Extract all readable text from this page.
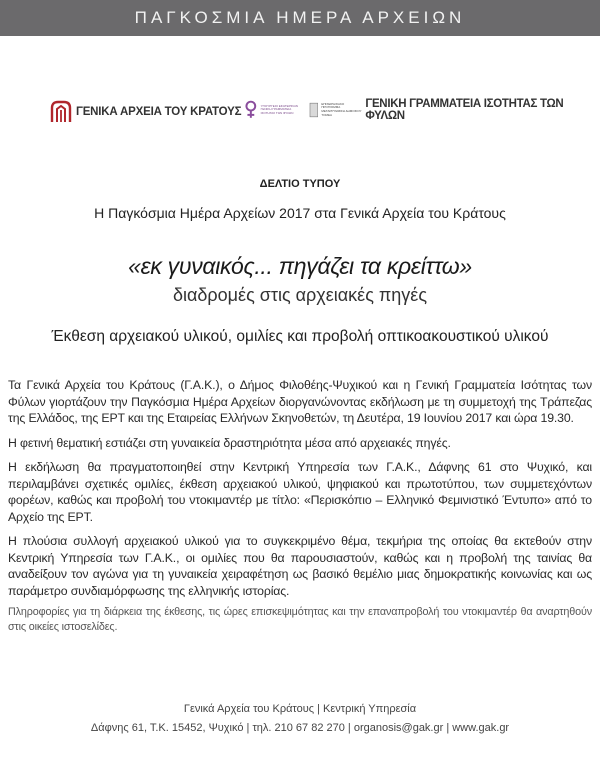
ΠΑΓΚΟΣΜΙΑ ΗΜΕΡΑ ΑΡΧΕΙΩΝ
ΓΕΝΙΚΑ ΑΡΧΕΙΑ ΤΟΥ ΚΡΑΤΟΥΣ
ΥΠΟΥΡΓΕΙΟ ΕΣΩΤΕΡΙΚΩΝ
ΓΕΝΙΚΗ ΓΡΑΜΜΑΤΕΙΑ
ΙΣΟΤΗΤΑΣ ΤΩΝ ΦΥΛΩΝ
ΕΠΙΧΕΙΡΗΣΙΑΚΟ ΠΡΟΓΡΑΜΜΑ
ΜΕΤΑΡΡΥΘΜΙΣΗ ΔΗΜΟΣΙΟΥ
ΤΟΜΕΑ
ΓΕΝΙΚΗ ΓΡΑΜΜΑΤΕΙΑ ΙΣΟΤΗΤΑΣ ΤΩΝ ΦΥΛΩΝ
ΔΕΛΤΙΟ ΤΥΠΟΥ
Η Παγκόσμια Ημέρα Αρχείων 2017 στα Γενικά Αρχεία του Κράτους
«εκ γυναικός... πηγάζει τα κρείττω»
διαδρομές στις αρχειακές πηγές
Έκθεση αρχειακού υλικού, ομιλίες και προβολή οπτικοακουστικού υλικού

Τα Γενικά Αρχεία του Κράτους (Γ.Α.Κ.), ο Δήμος Φιλοθέης-Ψυχικού και η Γενική Γραμματεία Ισότητας των Φύλων γιορτάζουν την Παγκόσμια Ημέρα Αρχείων διοργανώνοντας εκδήλωση με τη συμμετοχή της Τράπεζας της Ελλάδος, της ΕΡΤ και της Εταιρείας Ελλήνων Σκηνοθετών, τη Δευτέρα, 19 Ιουνίου 2017 και ώρα 19.30.

Η φετινή θεματική εστιάζει στη γυναικεία δραστηριότητα μέσα από αρχειακές πηγές.

Η εκδήλωση θα πραγματοποιηθεί στην Κεντρική Υπηρεσία των Γ.Α.Κ., Δάφνης 61 στο Ψυχικό, και περιλαμβάνει σχετικές ομιλίες, έκθεση αρχειακού υλικού, ψηφιακού και πρωτοτύπου, των συμμετεχόντων φορέων, καθώς και προβολή του ντοκιμαντέρ με τίτλο: «Περισκόπιο – Ελληνικό Φεμινιστικό Έντυπο» από το Αρχείο της ΕΡΤ.

Η πλούσια συλλογή αρχειακού υλικού για το συγκεκριμένο θέμα, τεκμήρια της οποίας θα εκτεθούν στην Κεντρική Υπηρεσία των Γ.Α.Κ., οι ομιλίες που θα παρουσιαστούν, καθώς και η προβολή της ταινίας θα αναδείξουν τον αγώνα για τη γυναικεία χειραφέτηση ως βασικό θεμέλιο μιας δημοκρατικής κοινωνίας και ως παράμετρο συνδιαμόρφωσης της ελληνικής ιστορίας.

Πληροφορίες για τη διάρκεια της έκθεσης, τις ώρες επισκεψιμότητας και την επαναπροβολή του ντοκιμαντέρ θα αναρτηθούν στις οικείες ιστοσελίδες.

Γενικά Αρχεία του Κράτους | Κεντρική Υπηρεσία
Δάφνης 61, Τ.Κ. 15452, Ψυχικό | τηλ. 210 67 82 270 | organosis@gak.gr | www.gak.gr
